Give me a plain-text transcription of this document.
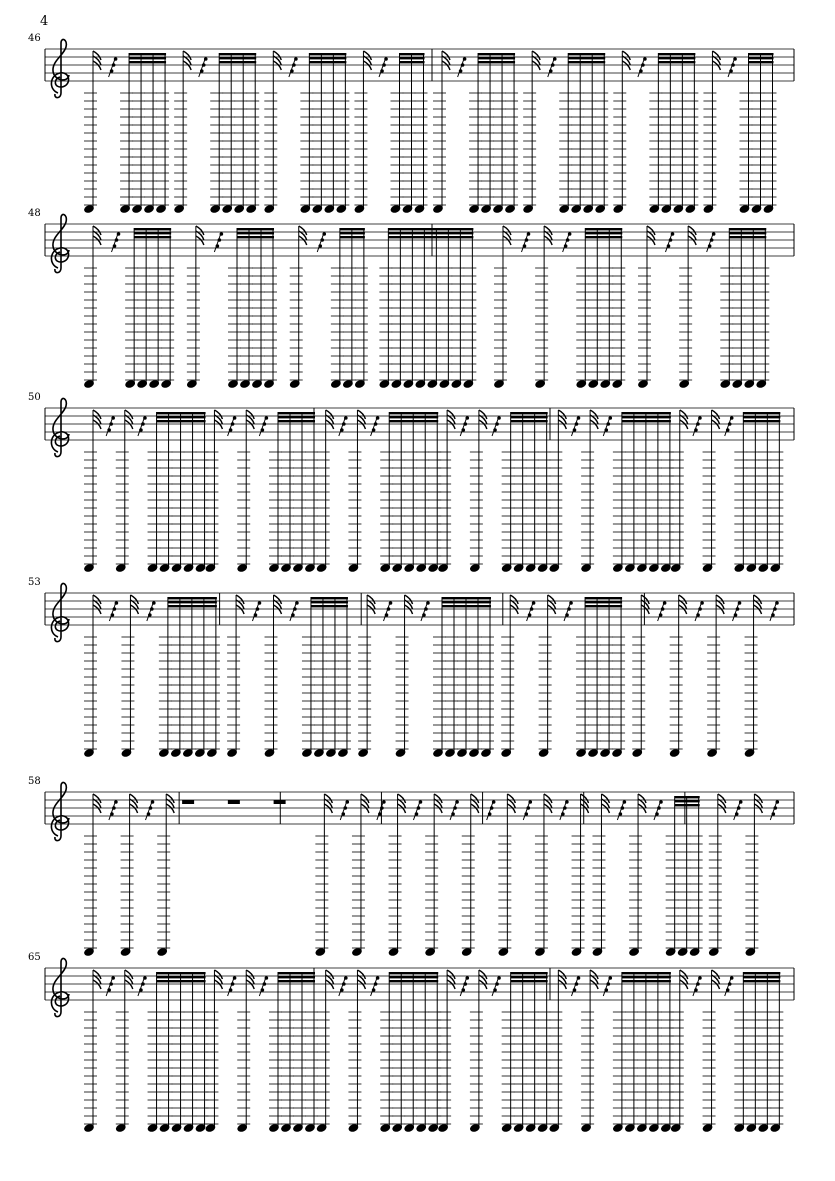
4
46
48
50
53
58
65
